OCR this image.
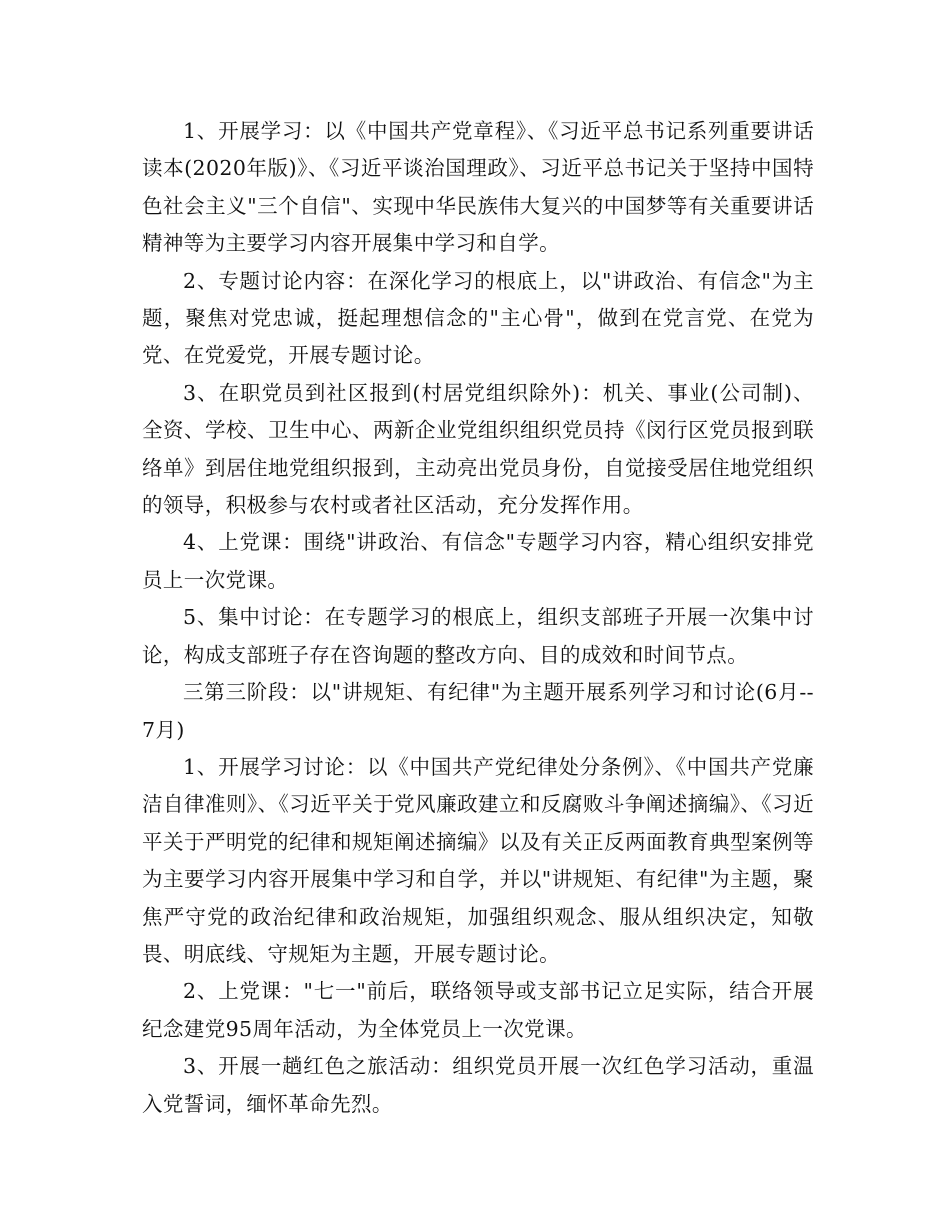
1、开展学习：以《中国共产党章程》、《习近平总书记系列重要讲话读本(2020年版)》、《习近平谈治国理政》、习近平总书记关于坚持中国特色社会主义"三个自信"、实现中华民族伟大复兴的中国梦等有关重要讲话精神等为主要学习内容开展集中学习和自学。

2、专题讨论内容：在深化学习的根底上，以"讲政治、有信念"为主题，聚焦对党忠诚，挺起理想信念的"主心骨"，做到在党言党、在党为党、在党爱党，开展专题讨论。

3、在职党员到社区报到(村居党组织除外)：机关、事业(公司制)、全资、学校、卫生中心、两新企业党组织组织党员持《闵行区党员报到联络单》到居住地党组织报到，主动亮出党员身份，自觉接受居住地党组织的领导，积极参与农村或者社区活动，充分发挥作用。

4、上党课：围绕"讲政治、有信念"专题学习内容，精心组织安排党员上一次党课。

5、集中讨论：在专题学习的根底上，组织支部班子开展一次集中讨论，构成支部班子存在咨询题的整改方向、目的成效和时间节点。

三第三阶段：以"讲规矩、有纪律"为主题开展系列学习和讨论(6月--7月)

1、开展学习讨论：以《中国共产党纪律处分条例》、《中国共产党廉洁自律准则》、《习近平关于党风廉政建立和反腐败斗争阐述摘编》、《习近平关于严明党的纪律和规矩阐述摘编》以及有关正反两面教育典型案例等为主要学习内容开展集中学习和自学，并以"讲规矩、有纪律"为主题，聚焦严守党的政治纪律和政治规矩，加强组织观念、服从组织决定，知敬畏、明底线、守规矩为主题，开展专题讨论。

2、上党课："七一"前后，联络领导或支部书记立足实际，结合开展纪念建党95周年活动，为全体党员上一次党课。

3、开展一趟红色之旅活动：组织党员开展一次红色学习活动，重温入党誓词，缅怀革命先烈。
